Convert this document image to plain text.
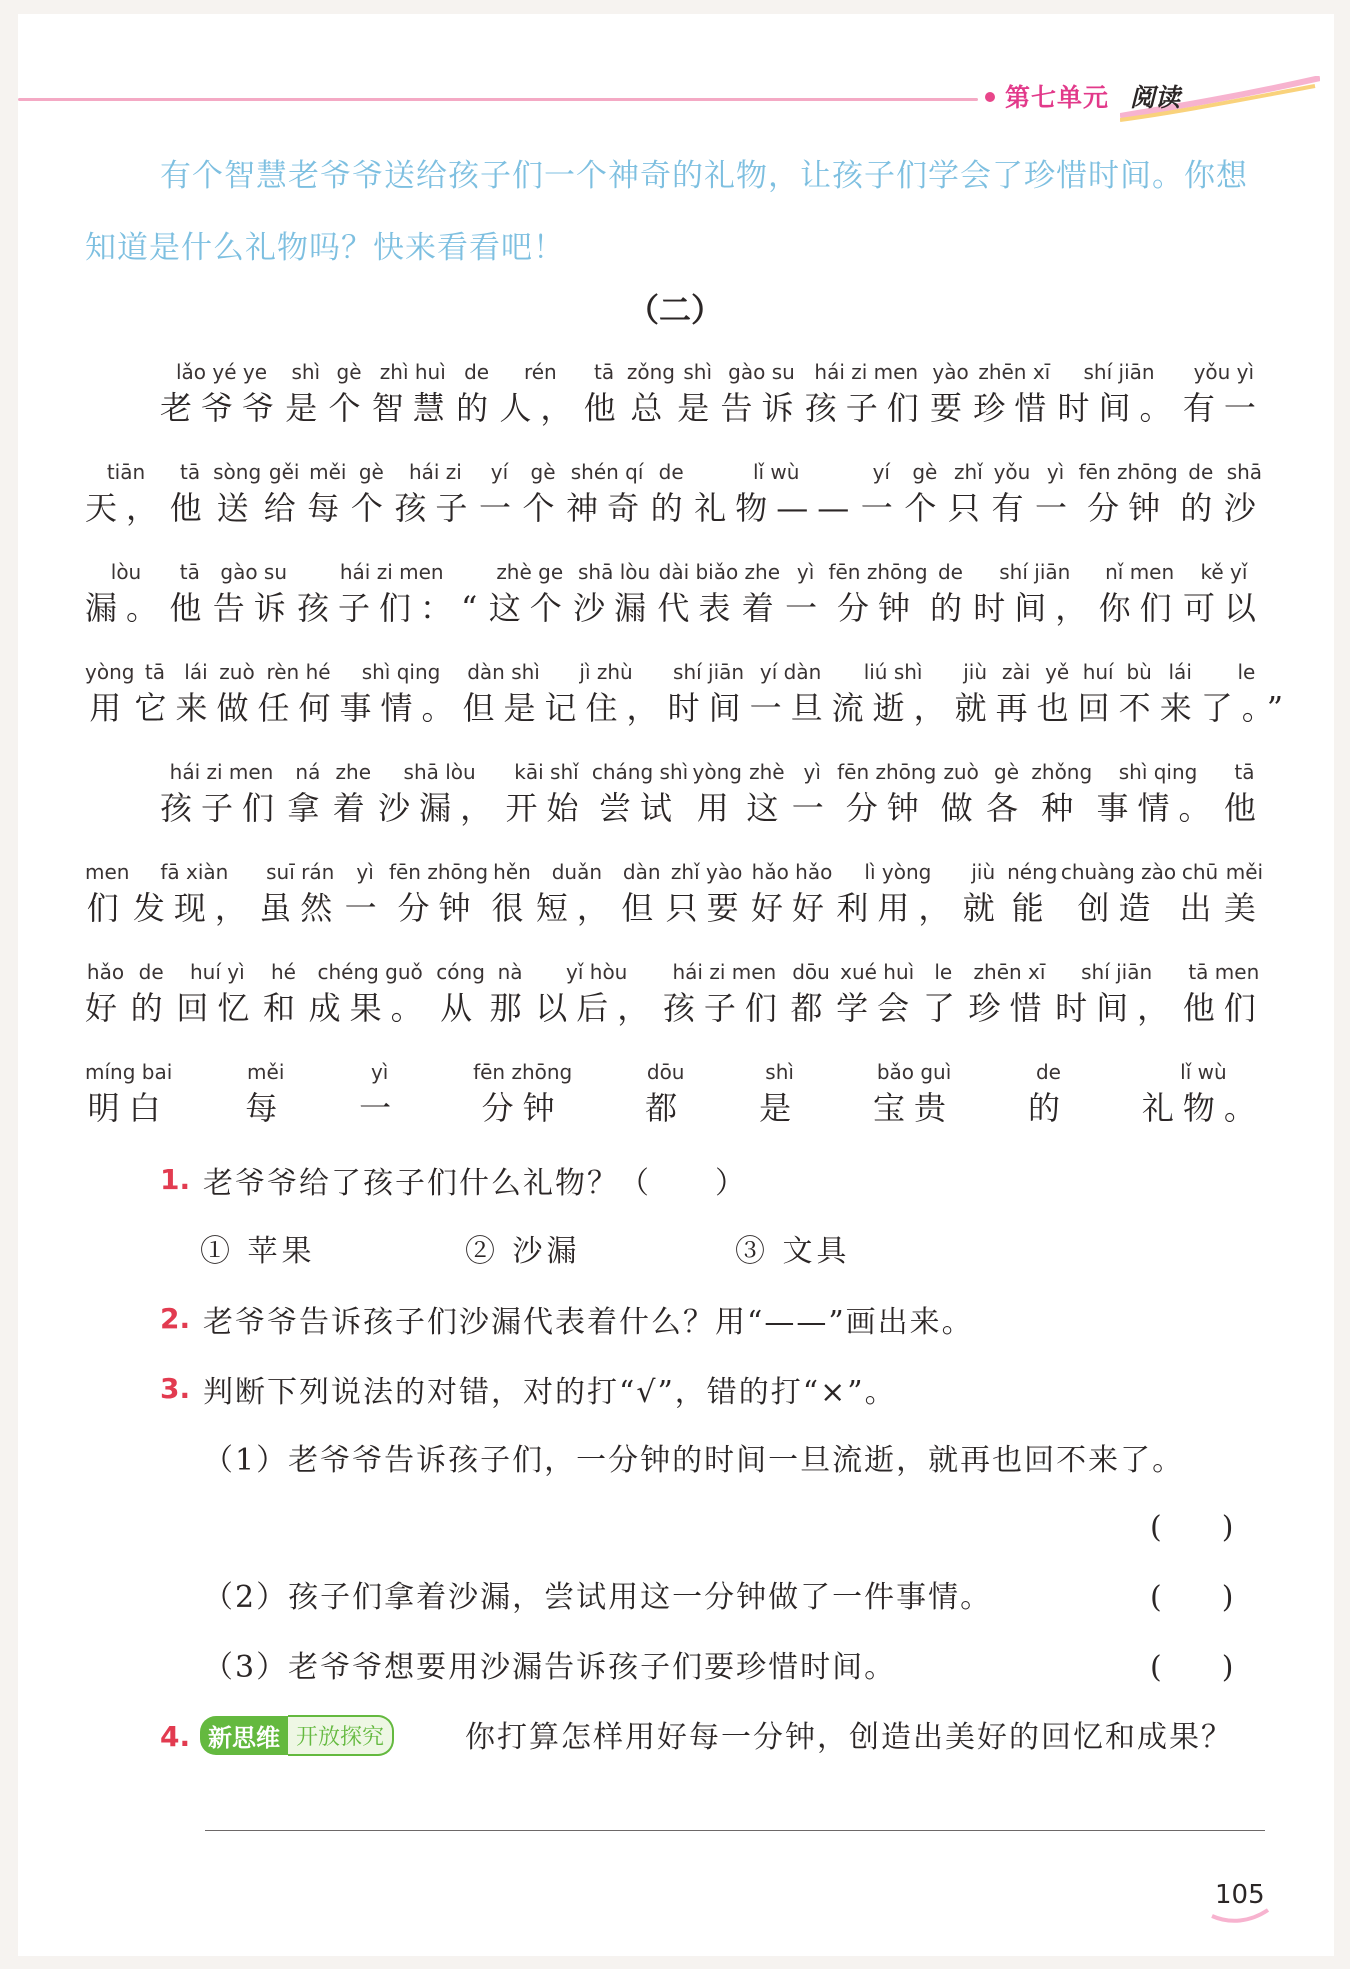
第七单元 阅读
有个智慧老爷爷送给孩子们一个神奇的礼物，让孩子们学会了珍惜时间。你想知道是什么礼物吗？快来看看吧！
（二）
lǎo yé ye
老爷爷
shì
是
gè
个
zhì huì
智慧
de
的
rén
人，
tā
他
zǒng
总
shì
是
gào su
告诉
hái zi men
孩子们
yào
要
zhēn xī
珍惜
shí jiān
时间。
yǒu yì
有一
tiān
天，
tā
他
sòng
送
gěi
给
měi
每
gè
个
hái zi
孩子
yí
一
gè
个
shén qí
神奇
de
的
lǐ wù
礼物——
yí
一
gè
个
zhǐ
只
yǒu
有
yì
一
fēn zhōng
分钟
de
的
shā
沙
lòu
漏。
tā
他
gào su
告诉
hái zi men
孩子们：“
zhè ge
这个
shā lòu
沙漏
dài biǎo
代表
zhe
着
yì
一
fēn zhōng
分钟
de
的
shí jiān
时间，
nǐ men
你们
kě yǐ
可以
yòng
用
tā
它
lái
来
zuò
做
rèn hé
任何
shì qing
事情。
dàn shì
但是
jì zhù
记住，
shí jiān
时间
yí dàn
一旦
liú shì
流逝，
jiù
就
zài
再
yě
也
huí
回
bù
不
lái
来
le
了。”
hái zi men
孩子们
ná
拿
zhe
着
shā lòu
沙漏，
kāi shǐ
开始
cháng shì
尝试
yòng
用
zhè
这
yì
一
fēn zhōng
分钟
zuò
做
gè
各
zhǒng
种
shì qing
事情。
tā
他
men
们
fā xiàn
发现，
suī rán
虽然
yì
一
fēn zhōng
分钟
hěn
很
duǎn
短，
dàn
但
zhǐ yào
只要
hǎo hǎo
好好
lì yòng
利用，
jiù
就
néng
能
chuàng zào
创造
chū
出
měi
美
hǎo
好
de
的
huí yì
回忆
hé
和
chéng guǒ
成果。
cóng
从
nà
那
yǐ hòu
以后，
hái zi men
孩子们
dōu
都
xué huì
学会
le
了
zhēn xī
珍惜
shí jiān
时间，
tā men
他们
míng bai
明白
měi
每
yì
一
fēn zhōng
分钟
dōu
都
shì
是
bǎo guì
宝贵
de
的
lǐ wù
礼物。
1. 老爷爷给了孩子们什么礼物？（　　）
① 苹果	② 沙漏	③ 文具
2. 老爷爷告诉孩子们沙漏代表着什么？用“——”画出来。
3. 判断下列说法的对错，对的打“√”，错的打“×”。
（1）老爷爷告诉孩子们，一分钟的时间一旦流逝，就再也回不来了。
(　　)
（2）孩子们拿着沙漏，尝试用这一分钟做了一件事情。	(　　)
（3）老爷爷想要用沙漏告诉孩子们要珍惜时间。	(　　)
4. 新思维 开放探究	你打算怎样用好每一分钟，创造出美好的回忆和成果？
105
